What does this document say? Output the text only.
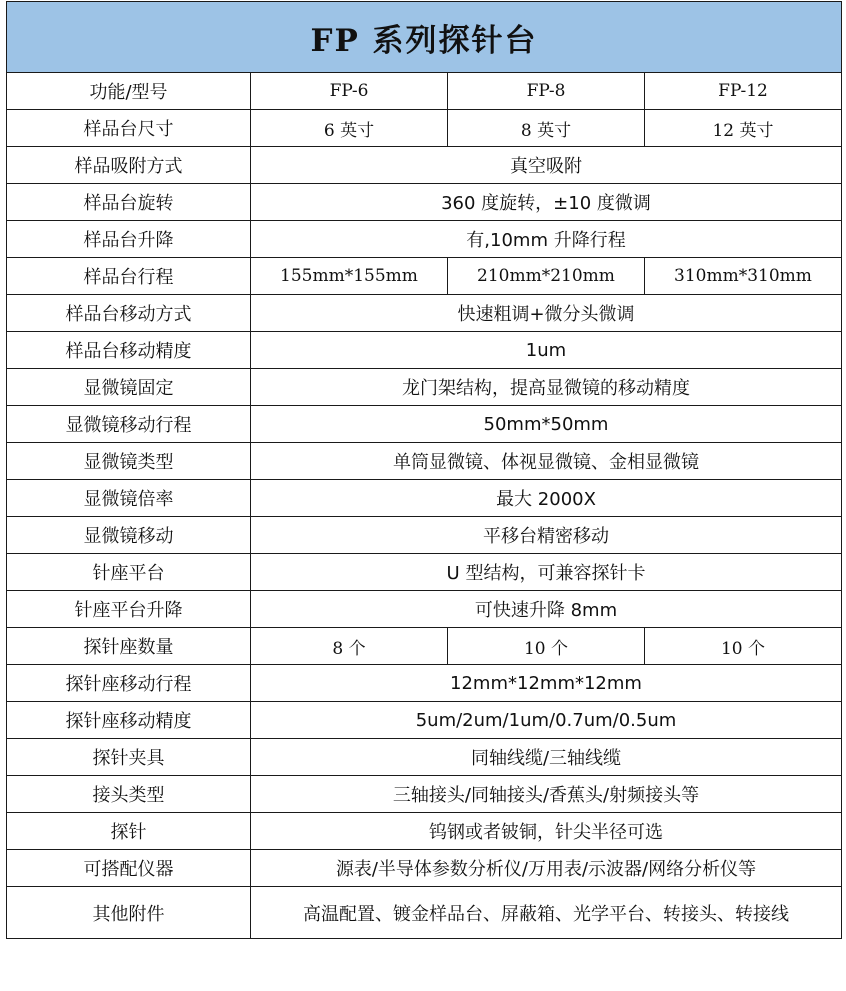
FP 系列探针台			
功能/型号	FP-6	FP-8	FP-12
样品台尺寸	6 英寸	8 英寸	12 英寸
样品吸附方式	真空吸附		
样品台旋转	360 度旋转，±10 度微调		
样品台升降	有,10mm 升降行程		
样品台行程	155mm*155mm	210mm*210mm	310mm*310mm
样品台移动方式	快速粗调+微分头微调		
样品台移动精度	1um		
显微镜固定	龙门架结构，提高显微镜的移动精度		
显微镜移动行程	50mm*50mm		
显微镜类型	单筒显微镜、体视显微镜、金相显微镜		
显微镜倍率	最大 2000X		
显微镜移动	平移台精密移动		
针座平台	U 型结构，可兼容探针卡		
针座平台升降	可快速升降 8mm		
探针座数量	8 个	10 个	10 个
探针座移动行程	12mm*12mm*12mm		
探针座移动精度	5um/2um/1um/0.7um/0.5um		
探针夹具	同轴线缆/三轴线缆		
接头类型	三轴接头/同轴接头/香蕉头/射频接头等		
探针	钨钢或者铍铜，针尖半径可选		
可搭配仪器	源表/半导体参数分析仪/万用表/示波器/网络分析仪等		
其他附件	高温配置、镀金样品台、屏蔽箱、光学平台、转接头、转接线		
